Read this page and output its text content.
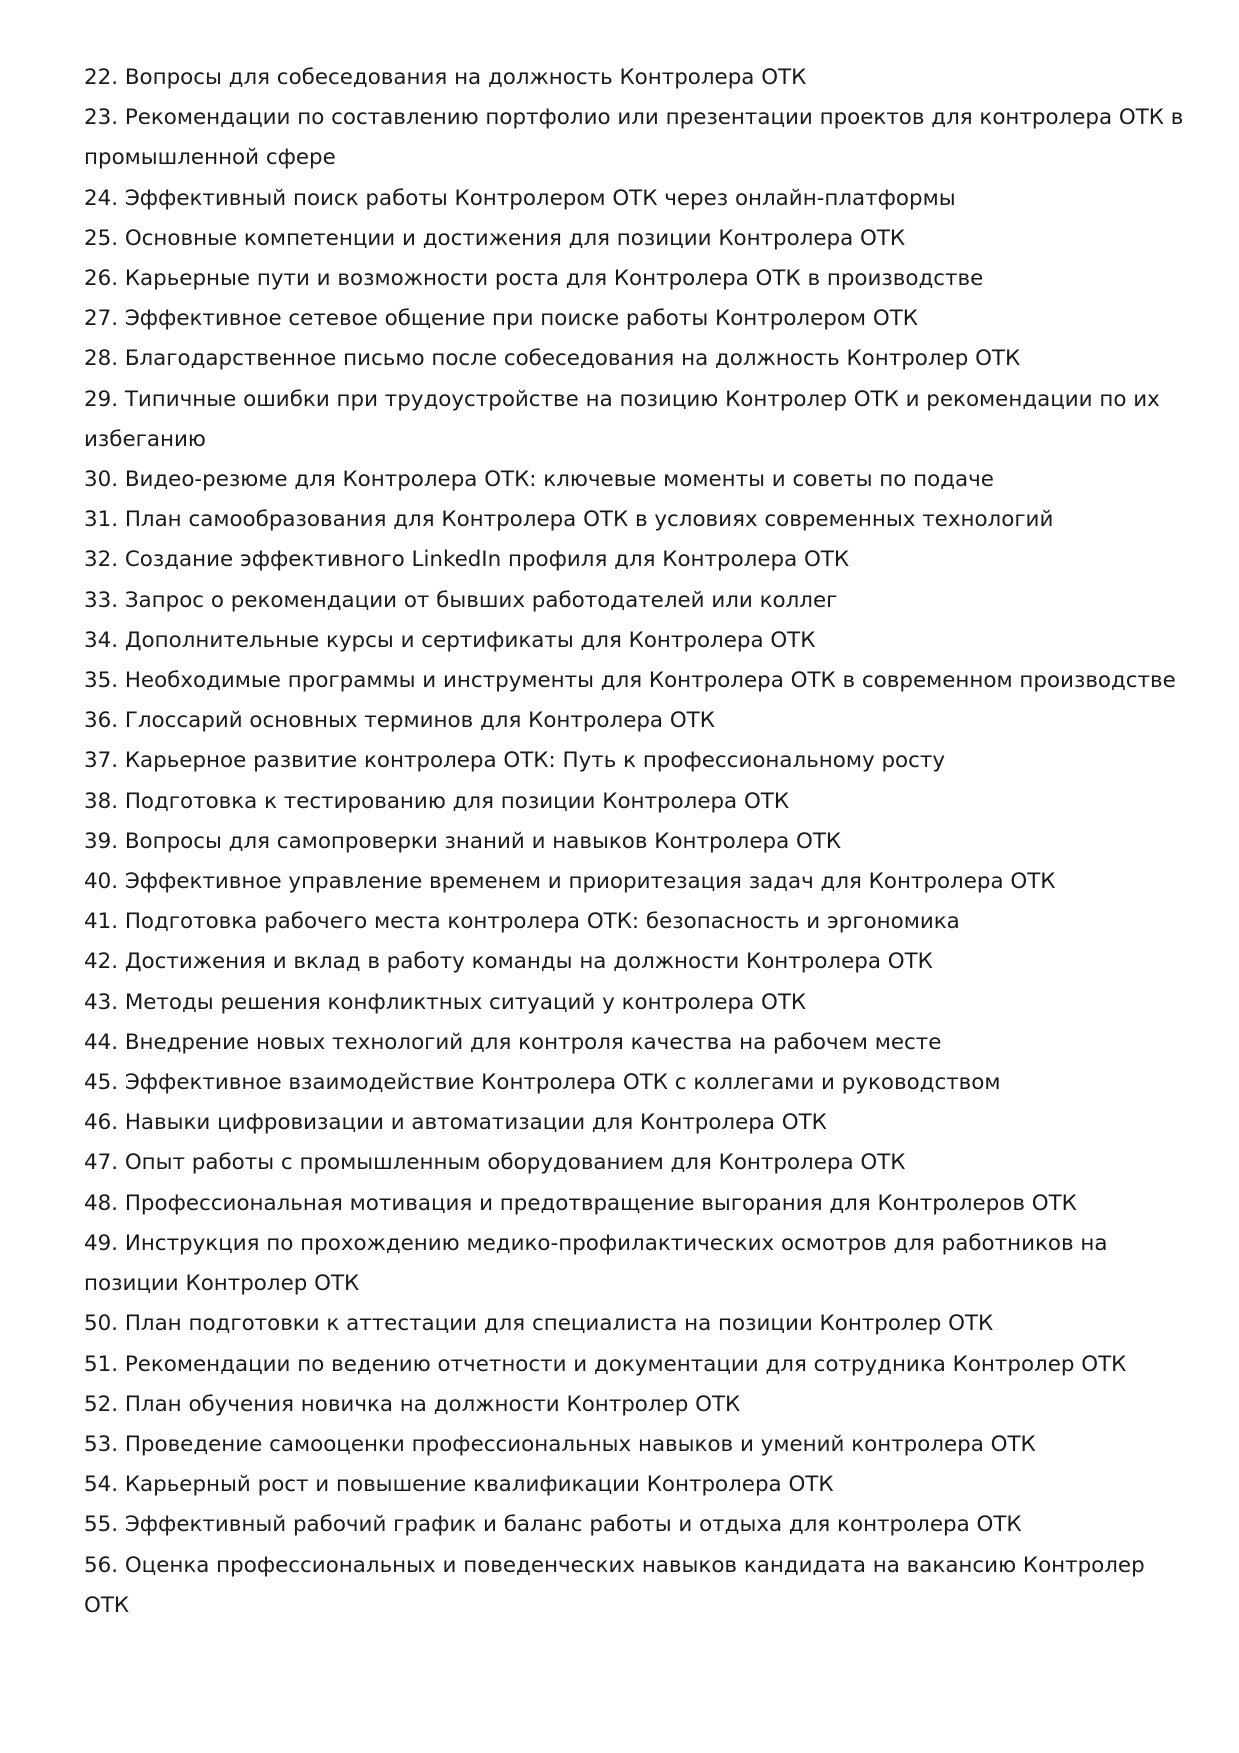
22. Вопросы для собеседования на должность Контролера ОТК
23. Рекомендации по составлению портфолио или презентации проектов для контролера ОТК в промышленной сфере
24. Эффективный поиск работы Контролером ОТК через онлайн-платформы
25. Основные компетенции и достижения для позиции Контролера ОТК
26. Карьерные пути и возможности роста для Контролера ОТК в производстве
27. Эффективное сетевое общение при поиске работы Контролером ОТК
28. Благодарственное письмо после собеседования на должность Контролер ОТК
29. Типичные ошибки при трудоустройстве на позицию Контролер ОТК и рекомендации по их избеганию
30. Видео-резюме для Контролера ОТК: ключевые моменты и советы по подаче
31. План самообразования для Контролера ОТК в условиях современных технологий
32. Создание эффективного LinkedIn профиля для Контролера ОТК
33. Запрос о рекомендации от бывших работодателей или коллег
34. Дополнительные курсы и сертификаты для Контролера ОТК
35. Необходимые программы и инструменты для Контролера ОТК в современном производстве
36. Глоссарий основных терминов для Контролера ОТК
37. Карьерное развитие контролера ОТК: Путь к профессиональному росту
38. Подготовка к тестированию для позиции Контролера ОТК
39. Вопросы для самопроверки знаний и навыков Контролера ОТК
40. Эффективное управление временем и приоритезация задач для Контролера ОТК
41. Подготовка рабочего места контролера ОТК: безопасность и эргономика
42. Достижения и вклад в работу команды на должности Контролера ОТК
43. Методы решения конфликтных ситуаций у контролера ОТК
44. Внедрение новых технологий для контроля качества на рабочем месте
45. Эффективное взаимодействие Контролера ОТК с коллегами и руководством
46. Навыки цифровизации и автоматизации для Контролера ОТК
47. Опыт работы с промышленным оборудованием для Контролера ОТК
48. Профессиональная мотивация и предотвращение выгорания для Контролеров ОТК
49. Инструкция по прохождению медико-профилактических осмотров для работников на позиции Контролер ОТК
50. План подготовки к аттестации для специалиста на позиции Контролер ОТК
51. Рекомендации по ведению отчетности и документации для сотрудника Контролер ОТК
52. План обучения новичка на должности Контролер ОТК
53. Проведение самооценки профессиональных навыков и умений контролера ОТК
54. Карьерный рост и повышение квалификации Контролера ОТК
55. Эффективный рабочий график и баланс работы и отдыха для контролера ОТК
56. Оценка профессиональных и поведенческих навыков кандидата на вакансию Контролер ОТК
